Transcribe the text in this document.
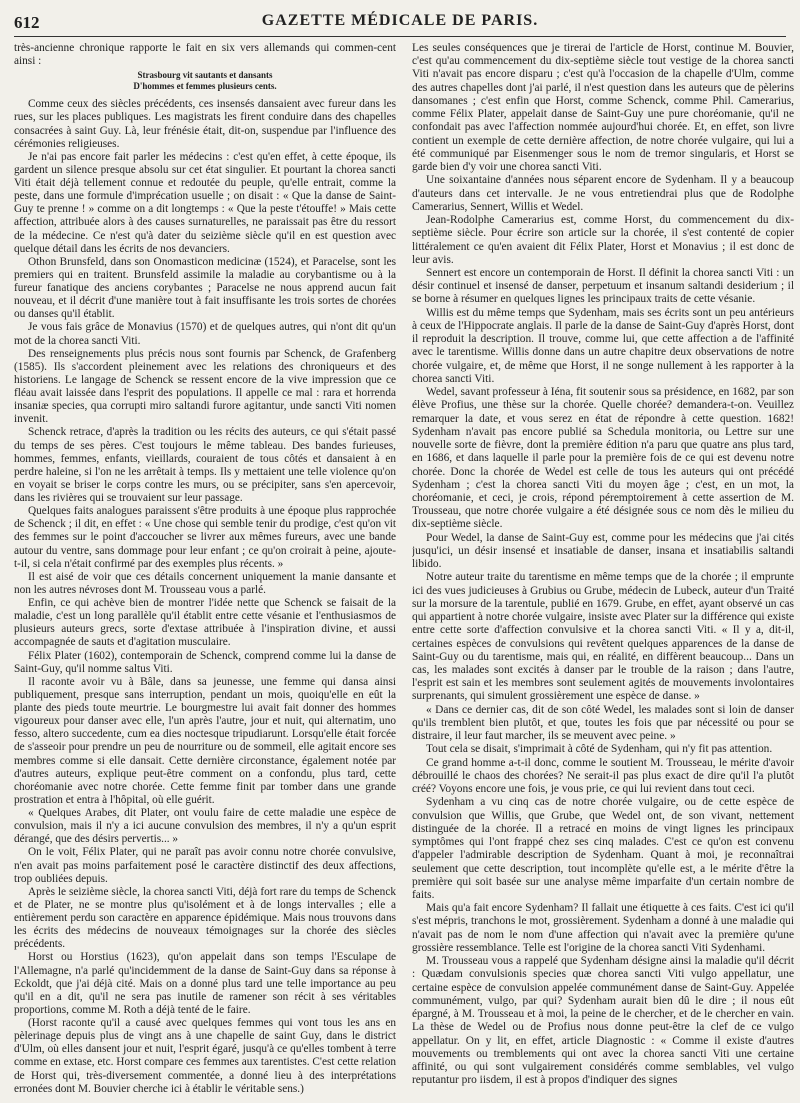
612	GAZETTE MÉDICALE DE PARIS.

très-ancienne chronique rapporte le fait en six vers allemands qui commen-cent ainsi :

Strasbourg vit sautants et dansants

D'hommes et femmes plusieurs cents.

Comme ceux des siècles précédents, ces insensés dansaient avec fureur dans les rues, sur les places publiques. Les magistrats les firent conduire dans des chapelles consacrées à saint Guy. Là, leur frénésie était, dit-on, suspendue par l'influence des cérémonies religieuses.

Je n'ai pas encore fait parler les médecins : c'est qu'en effet, à cette époque, ils gardent un silence presque absolu sur cet état singulier. Et pourtant la chorea sancti Viti était déjà tellement connue et redoutée du peuple, qu'elle entrait, comme la peste, dans une formule d'imprécation usuelle ; on disait : « Que la danse de Saint-Guy te prenne ! » comme on a dit longtemps : « Que la peste t'étouffe! » Mais cette affection, attribuée alors à des causes surnaturelles, ne paraissait pas être du ressort de la médecine. Ce n'est qu'à dater du seizième siècle qu'il en est question avec quelque détail dans les écrits de nos devanciers.

Othon Brunsfeld, dans son Onomasticon medicinæ (1524), et Paracelse, sont les premiers qui en traitent. Brunsfeld assimile la maladie au corybantisme ou à la fureur fanatique des anciens corybantes ; Paracelse ne nous apprend aucun fait nouveau, et il décrit d'une manière tout à fait insuffisante les trois sortes de chorées ou danses qu'il établit.

Je vous fais grâce de Monavius (1570) et de quelques autres, qui n'ont dit qu'un mot de la chorea sancti Viti.

Des renseignements plus précis nous sont fournis par Schenck, de Grafenberg (1585). Ils s'accordent pleinement avec les relations des chroniqueurs et des historiens. Le langage de Schenck se ressent encore de la vive impression que ce fléau avait laissée dans l'esprit des populations. Il appelle ce mal : rara et horrenda insaniæ species, qua corrupti miro saltandi furore agitantur, unde sancti Viti nomen invenit.

Schenck retrace, d'après la tradition ou les récits des auteurs, ce qui s'était passé du temps de ses pères. C'est toujours le même tableau. Des bandes furieuses, hommes, femmes, enfants, vieillards, couraient de tous côtés et dansaient à en perdre haleine, si l'on ne les arrêtait à temps. Ils y mettaient une telle violence qu'on en voyait se briser le corps contre les murs, ou se précipiter, sans s'en apercevoir, dans les rivières qui se trouvaient sur leur passage.

Quelques faits analogues paraissent s'être produits à une époque plus rapprochée de Schenck ; il dit, en effet : « Une chose qui semble tenir du prodige, c'est qu'on vit des femmes sur le point d'accoucher se livrer aux mêmes fureurs, avec une bande autour du ventre, sans dommage pour leur enfant ; ce qu'on croirait à peine, ajoute-t-il, si cela n'était confirmé par des exemples plus récents. »

Il est aisé de voir que ces détails concernent uniquement la manie dansante et non les autres névroses dont M. Trousseau vous a parlé.

Enfin, ce qui achève bien de montrer l'idée nette que Schenck se faisait de la maladie, c'est un long parallèle qu'il établit entre cette vésanie et l'enthusiasmos de plusieurs auteurs grecs, sorte d'extase attribuée à l'inspiration divine, et aussi accompagnée de sauts et d'agitation musculaire.

Félix Plater (1602), contemporain de Schenck, comprend comme lui la danse de Saint-Guy, qu'il nomme saltus Viti.

Il raconte avoir vu à Bâle, dans sa jeunesse, une femme qui dansa ainsi publiquement, presque sans interruption, pendant un mois, quoiqu'elle en eût la plante des pieds toute meurtrie. Le bourgmestre lui avait fait donner des hommes vigoureux pour danser avec elle, l'un après l'autre, jour et nuit, qui alternatim, uno fesso, altero succedente, cum ea dies noctesque tripudiarunt. Lorsqu'elle était forcée de s'asseoir pour prendre un peu de nourriture ou de sommeil, elle agitait encore ses membres comme si elle dansait. Cette dernière circonstance, également notée par d'autres auteurs, explique peut-être comment on a confondu, plus tard, cette choréomanie avec notre chorée. Cette femme finit par tomber dans une grande prostration et entra à l'hôpital, où elle guérit.

« Quelques Arabes, dit Plater, ont voulu faire de cette maladie une espèce de convulsion, mais il n'y a ici aucune convulsion des membres, il n'y a qu'un esprit dérangé, que des désirs pervertis... »

On le voit, Félix Plater, qui ne paraît pas avoir connu notre chorée convulsive, n'en avait pas moins parfaitement posé le caractère distinctif des deux affections, trop oubliées depuis.

Après le seizième siècle, la chorea sancti Viti, déjà fort rare du temps de Schenck et de Plater, ne se montre plus qu'isolément et à de longs intervalles ; elle a entièrement perdu son caractère en apparence épidémique. Mais nous trouvons dans les écrits des médecins de nouveaux témoignages sur la chorée des siècles précédents.

Horst ou Horstius (1623), qu'on appelait dans son temps l'Esculape de l'Allemagne, n'a parlé qu'incidemment de la danse de Saint-Guy dans sa réponse à Eckoldt, que j'ai déjà cité. Mais on a donné plus tard une telle importance au peu qu'il en a dit, qu'il ne sera pas inutile de ramener son récit à ses véritables proportions, comme M. Roth a déjà tenté de le faire.

(Horst raconte qu'il a causé avec quelques femmes qui vont tous les ans en pèlerinage depuis plus de vingt ans à une chapelle de saint Guy, dans le district d'Ulm, où elles dansent jour et nuit, l'esprit égaré, jusqu'à ce qu'elles tombent à terre comme en extase, etc. Horst compare ces femmes aux tarentistes. C'est cette relation de Horst qui, très-diversement commentée, a donné lieu à des interprétations erronées dont M. Bouvier cherche ici à établir le véritable sens.)

Les seules conséquences que je tirerai de l'article de Horst, continue M. Bouvier, c'est qu'au commencement du dix-septième siècle tout vestige de la chorea sancti Viti n'avait pas encore disparu ; c'est qu'à l'occasion de la chapelle d'Ulm, comme des autres chapelles dont j'ai parlé, il n'est question dans les auteurs que de pèlerins dansomanes ; c'est enfin que Horst, comme Schenck, comme Phil. Camerarius, comme Félix Plater, appelait danse de Saint-Guy une pure choréomanie, qu'il ne confondait pas avec l'affection nommée aujourd'hui chorée. Et, en effet, son livre contient un exemple de cette dernière affection, de notre chorée vulgaire, qui lui a été communiqué par Eisenmenger sous le nom de tremor singularis, et Horst se garde bien d'y voir une chorea sancti Viti.

Une soixantaine d'années nous séparent encore de Sydenham. Il y a beaucoup d'auteurs dans cet intervalle. Je ne vous entretiendrai plus que de Rodolphe Camerarius, Sennert, Willis et Wedel.

Jean-Rodolphe Camerarius est, comme Horst, du commencement du dix-septième siècle. Pour écrire son article sur la chorée, il s'est contenté de copier littéralement ce qu'en avaient dit Félix Plater, Horst et Monavius ; il est donc de leur avis.

Sennert est encore un contemporain de Horst. Il définit la chorea sancti Viti : un désir continuel et insensé de danser, perpetuum et insanum saltandi desiderium ; il se borne à résumer en quelques lignes les principaux traits de cette vésanie.

Willis est du même temps que Sydenham, mais ses écrits sont un peu antérieurs à ceux de l'Hippocrate anglais. Il parle de la danse de Saint-Guy d'après Horst, dont il reproduit la description. Il trouve, comme lui, que cette affection a de l'affinité avec le tarentisme. Willis donne dans un autre chapitre deux observations de notre chorée vulgaire, et, de même que Horst, il ne songe nullement à les rapporter à la chorea sancti Viti.

Wedel, savant professeur à Iéna, fit soutenir sous sa présidence, en 1682, par son élève Profius, une thèse sur la chorée. Quelle chorée? demandera-t-on. Veuillez remarquer la date, et vous serez en état de répondre à cette question. 1682! Sydenham n'avait pas encore publié sa Schedula monitoria, ou Lettre sur une nouvelle sorte de fièvre, dont la première édition n'a paru que quatre ans plus tard, en 1686, et dans laquelle il parle pour la première fois de ce qui est devenu notre chorée. Donc la chorée de Wedel est celle de tous les auteurs qui ont précédé Sydenham ; c'est la chorea sancti Viti du moyen âge ; c'est, en un mot, la choréomanie, et ceci, je crois, répond péremptoirement à cette assertion de M. Trousseau, que notre chorée vulgaire a été désignée sous ce nom dès le milieu du dix-septième siècle.

Pour Wedel, la danse de Saint-Guy est, comme pour les médecins que j'ai cités jusqu'ici, un désir insensé et insatiable de danser, insana et insatiabilis saltandi libido.

Notre auteur traite du tarentisme en même temps que de la chorée ; il emprunte ici des vues judicieuses à Grubius ou Grube, médecin de Lubeck, auteur d'un Traité sur la morsure de la tarentule, publié en 1679. Grube, en effet, ayant observé un cas qui appartient à notre chorée vulgaire, insiste avec Plater sur la différence qui existe entre cette sorte d'affection convulsive et la chorea sancti Viti. « Il y a, dit-il, certaines espèces de convulsions qui revêtent quelques apparences de la danse de Saint-Guy ou du tarentisme, mais qui, en réalité, en diffèrent beaucoup... Dans un cas, les malades sont excités à danser par le trouble de la raison ; dans l'autre, l'esprit est sain et les membres sont seulement agités de mouvements involontaires surprenants, qui simulent grossièrement une espèce de danse. »

« Dans ce dernier cas, dit de son côté Wedel, les malades sont si loin de danser qu'ils tremblent bien plutôt, et que, toutes les fois que par nécessité ou pour se distraire, il leur faut marcher, ils se meuvent avec peine. »

Tout cela se disait, s'imprimait à côté de Sydenham, qui n'y fit pas attention.

Ce grand homme a-t-il donc, comme le soutient M. Trousseau, le mérite d'avoir débrouillé le chaos des chorées? Ne serait-il pas plus exact de dire qu'il l'a plutôt créé? Voyons encore une fois, je vous prie, ce qui lui revient dans tout ceci.

Sydenham a vu cinq cas de notre chorée vulgaire, ou de cette espèce de convulsion que Willis, que Grube, que Wedel ont, de son vivant, nettement distinguée de la chorée. Il a retracé en moins de vingt lignes les principaux symptômes qui l'ont frappé chez ses cinq malades. C'est ce qu'on est convenu d'appeler l'admirable description de Sydenham. Quant à moi, je reconnaîtrai seulement que cette description, tout incomplète qu'elle est, a le mérite d'être la première qui soit basée sur une analyse même imparfaite d'un certain nombre de faits.

Mais qu'a fait encore Sydenham? Il fallait une étiquette à ces faits. C'est ici qu'il s'est mépris, tranchons le mot, grossièrement. Sydenham a donné à une maladie qui n'avait pas de nom le nom d'une affection qui n'avait avec la première qu'une grossière ressemblance. Telle est l'origine de la chorea sancti Viti Sydenhami.

M. Trousseau vous a rappelé que Sydenham désigne ainsi la maladie qu'il décrit : Quædam convulsionis species quæ chorea sancti Viti vulgo appellatur, une certaine espèce de convulsion appelée communément danse de Saint-Guy. Appelée communément, vulgo, par qui? Sydenham aurait bien dû le dire ; il nous eût épargné, à M. Trousseau et à moi, la peine de le chercher, et de le chercher en vain. La thèse de Wedel ou de Profius nous donne peut-être la clef de ce vulgo appellatur. On y lit, en effet, article Diagnostic : « Comme il existe d'autres mouvements ou tremblements qui ont avec la chorea sancti Viti une certaine affinité, ou qui sont vulgairement considérés comme semblables, vel vulgo reputantur pro iisdem, il est à propos d'indiquer des signes
